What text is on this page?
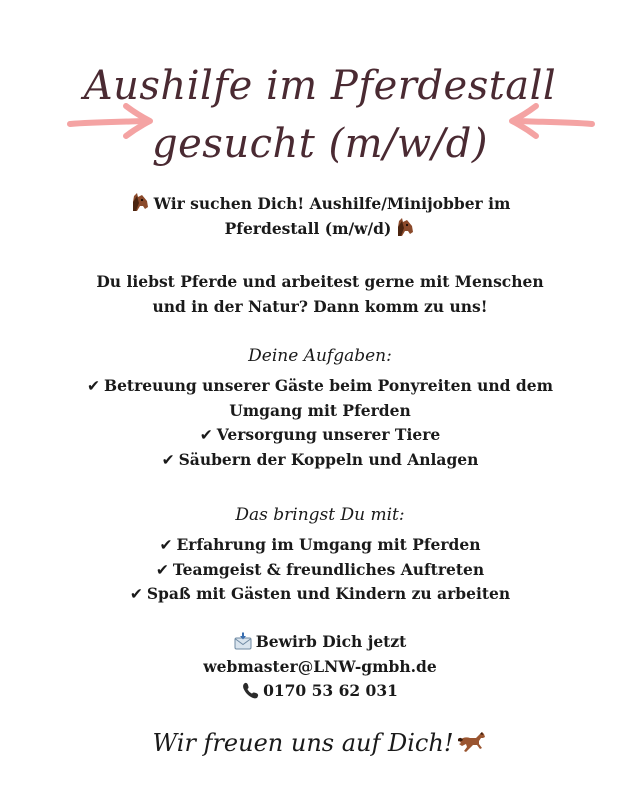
Aushilfe im Pferdestall
gesucht (m/w/d)
Wir suchen Dich! Aushilfe/Minijobber im
Pferdestall (m/w/d)
Du liebst Pferde und arbeitest gerne mit Menschen
und in der Natur? Dann komm zu uns!
Deine Aufgaben:
✔ Betreuung unserer Gäste beim Ponyreiten und dem
Umgang mit Pferden
✔ Versorgung unserer Tiere
✔ Säubern der Koppeln und Anlagen
Das bringst Du mit:
✔ Erfahrung im Umgang mit Pferden
✔ Teamgeist & freundliches Auftreten
✔ Spaß mit Gästen und Kindern zu arbeiten
Bewirb Dich jetzt
webmaster@LNW-gmbh.de
0170 53 62 031
Wir freuen uns auf Dich!
